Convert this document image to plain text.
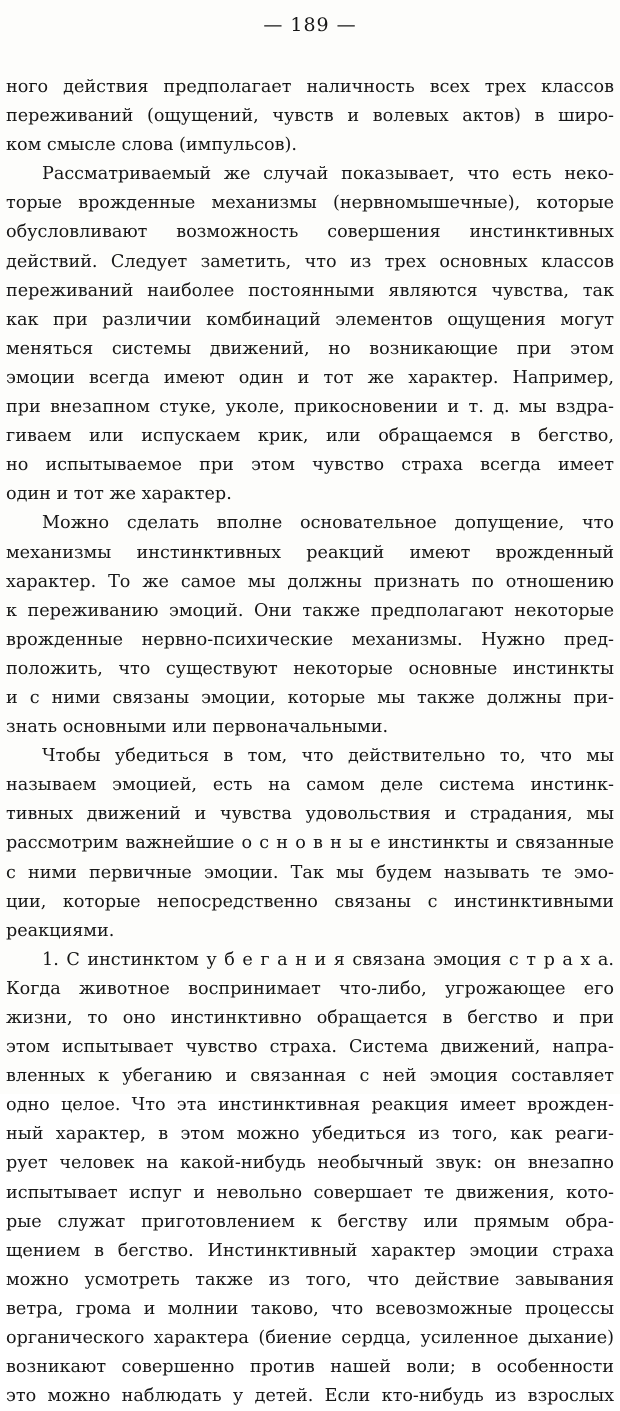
— 189 —
ного действия предполагает наличность всех трех классов
переживаний (ощущений, чувств и волевых актов) в широ-
ком смысле слова (импульсов).
Рассматриваемый же случай показывает, что есть неко-
торые врожденные механизмы (нервномышечные), которые
обусловливают возможность совершения инстинктивных
действий. Следует заметить, что из трех основных классов
переживаний наиболее постоянными являются чувства, так
как при различии комбинаций элементов ощущения могут
меняться системы движений, но возникающие при этом
эмоции всегда имеют один и тот же характер. Например,
при внезапном стуке, уколе, прикосновении и т. д. мы вздра-
гиваем или испускаем крик, или обращаемся в бегство,
но испытываемое при этом чувство страха всегда имеет
один и тот же характер.
Можно сделать вполне основательное допущение, что
механизмы инстинктивных реакций имеют врожденный
характер. То же самое мы должны признать по отношению
к переживанию эмоций. Они также предполагают некоторые
врожденные нервно-психические механизмы. Нужно пред-
положить, что существуют некоторые основные инстинкты
и с ними связаны эмоции, которые мы также должны при-
знать основными или первоначальными.
Чтобы убедиться в том, что действительно то, что мы
называем эмоцией, есть на самом деле система инстинк-
тивных движений и чувства удовольствия и страдания, мы
рассмотрим важнейшие о с н о в н ы е инстинкты и связанные
с ними первичные эмоции. Так мы будем называть те эмо-
ции, которые непосредственно связаны с инстинктивными
реакциями.
1. С инстинктом у б е г а н и я связана эмоция с т р а х а.
Когда животное воспринимает что-либо, угрожающее его
жизни, то оно инстинктивно обращается в бегство и при
этом испытывает чувство страха. Система движений, напра-
вленных к убеганию и связанная с ней эмоция составляет
одно целое. Что эта инстинктивная реакция имеет врожден-
ный характер, в этом можно убедиться из того, как реаги-
рует человек на какой-нибудь необычный звук: он внезапно
испытывает испуг и невольно совершает те движения, кото-
рые служат приготовлением к бегству или прямым обра-
щением в бегство. Инстинктивный характер эмоции страха
можно усмотреть также из того, что действие завывания
ветра, грома и молнии таково, что всевозможные процессы
органического характера (биение сердца, усиленное дыхание)
возникают совершенно против нашей воли; в особенности
это можно наблюдать у детей. Если кто-нибудь из взрослых
